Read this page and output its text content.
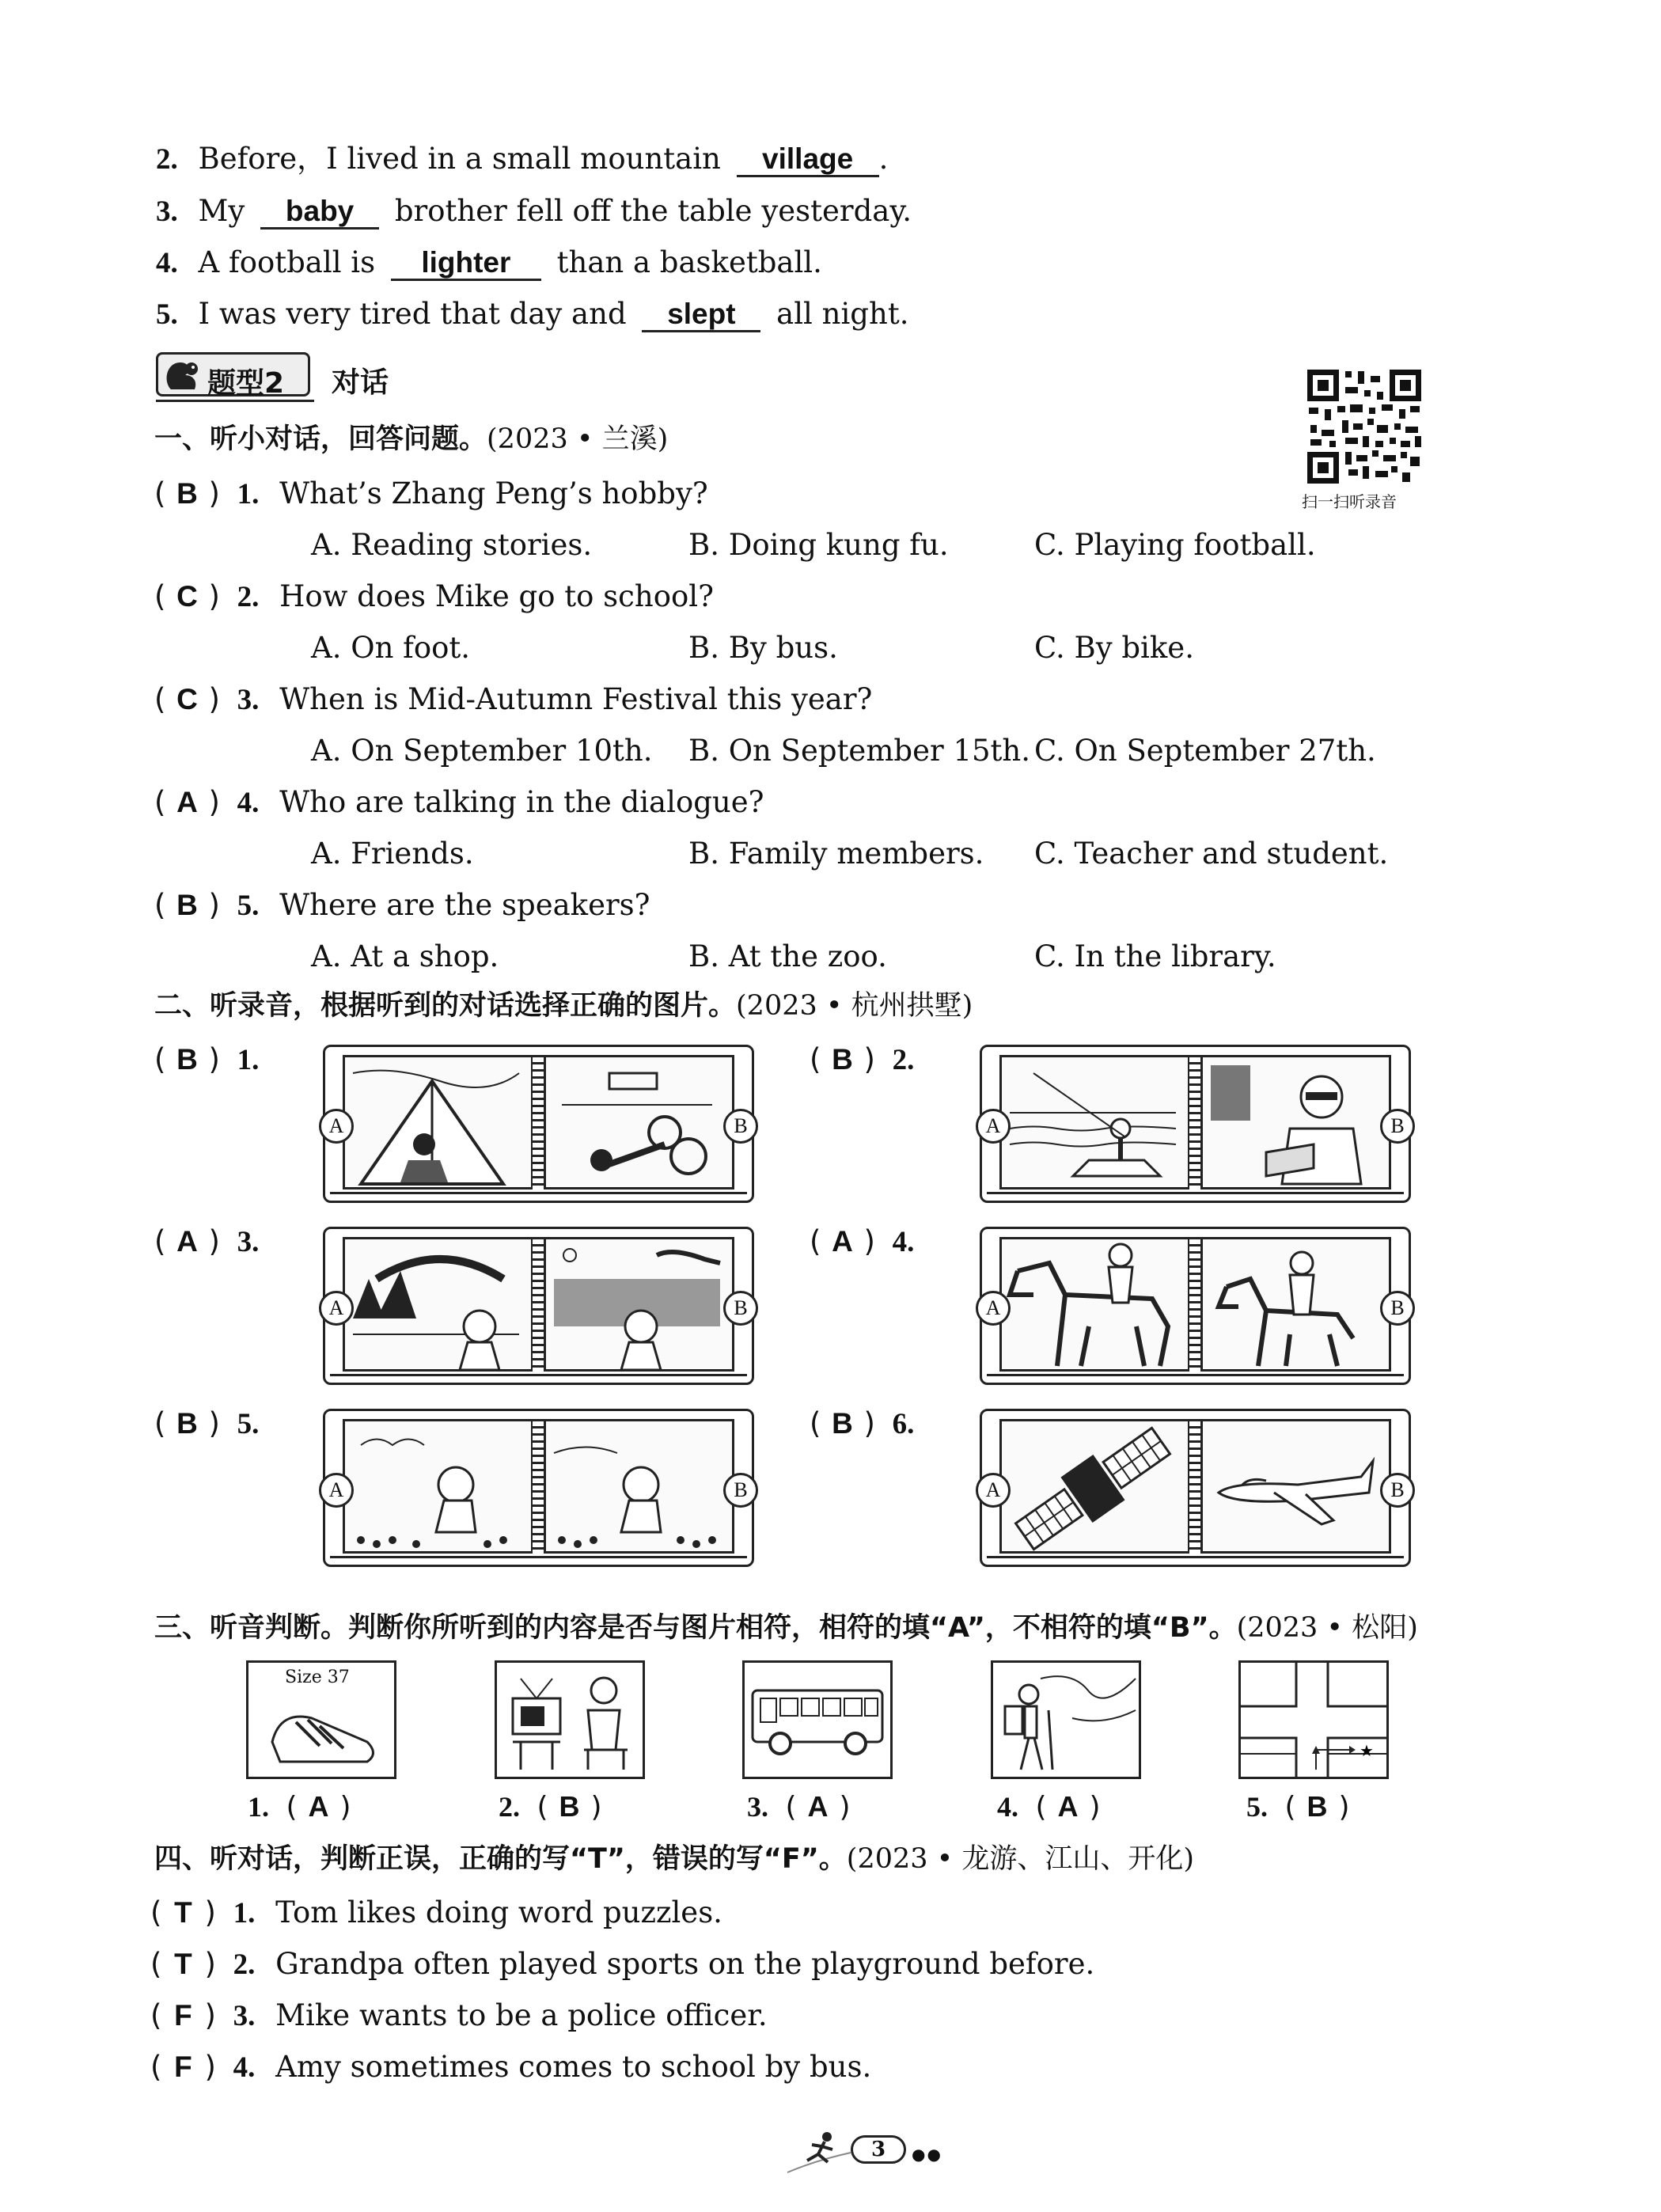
2. Before，I lived in a small mountain village .
3. My baby brother fell off the table yesterday.
4. A football is lighter than a basketball.
5. I was very tired that day and slept all night.
题型2 对话
扫一扫听录音
一、听小对话，回答问题。(2023 • 兰溪)
( B ) 1. What’s Zhang Peng’s hobby?
A. Reading stories.	B. Doing kung fu.	C. Playing football.
( C ) 2. How does Mike go to school?
A. On foot.	B. By bus.	C. By bike.
( C ) 3. When is Mid-Autumn Festival this year?
A. On September 10th. B. On September 15th. C. On September 27th.
( A ) 4. Who are talking in the dialogue?
A. Friends.	B. Family members. C. Teacher and student.
( B ) 5. Where are the speakers?
A. At a shop.	B. At the zoo.	C. In the library.
二、听录音，根据听到的对话选择正确的图片。(2023 • 杭州拱墅)
( B ) 1.
A	B
( B ) 2.
A	B
( A ) 3.
A	B
( A ) 4.
A	B
( B ) 5.
A	B
( B ) 6.
A	B
三、听音判断。判断你所听到的内容是否与图片相符，相符的填“A”，不相符的填“B”。(2023 • 松阳)
Size 37
★
1. ( A )	2. ( B )	3. ( A )	4. ( A )	5. ( B )
四、听对话，判断正误，正确的写“T”，错误的写“F”。(2023 • 龙游、江山、开化)
( T ) 1. Tom likes doing word puzzles.
( T ) 2. Grandpa often played sports on the playground before.
( F ) 3. Mike wants to be a police officer.
( F ) 4. Amy sometimes comes to school by bus.
3	●●
